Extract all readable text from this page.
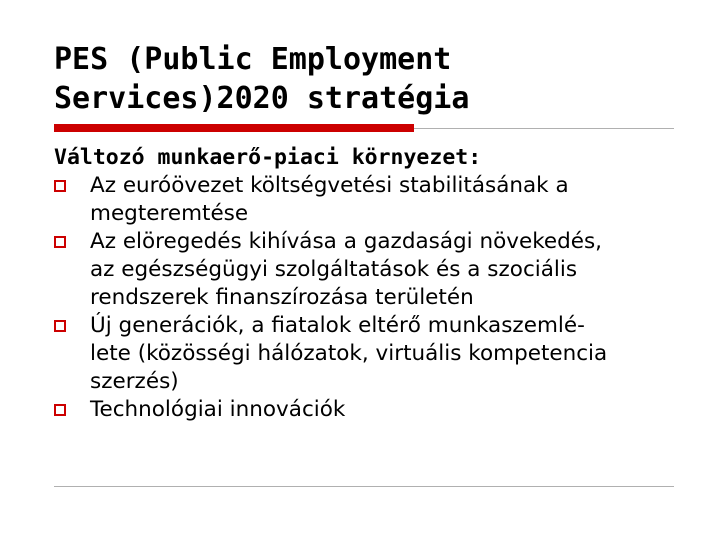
PES (Public Employment
Services)2020 stratégia

Változó munkaerő-piaci környezet:

Az euróövezet költségvetési stabilitásának a
megteremtése
Az elöregedés kihívása a gazdasági növekedés,
az egészségügyi szolgáltatások és a szociális
rendszerek finanszírozása területén
Új generációk, a fiatalok eltérő munkaszemlé-
lete (közösségi hálózatok, virtuális kompetencia
szerzés)
Technológiai innovációk
